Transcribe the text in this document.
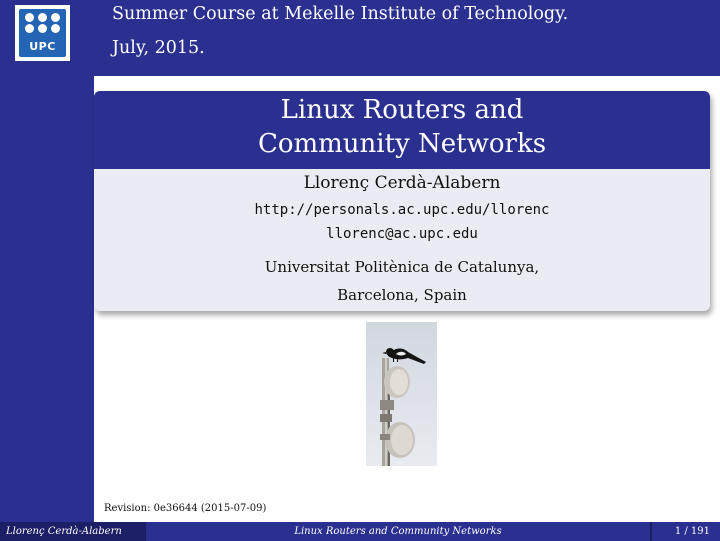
UPC
Summer Course at Mekelle Institute of Technology.
July, 2015.
Linux Routers and
Community Networks
Llorenç Cerdà-Alabern
http://personals.ac.upc.edu/llorenc
llorenc@ac.upc.edu
Universitat Politènica de Catalunya,
Barcelona, Spain
Revision: 0e36644 (2015-07-09)
Llorenç Cerdà-Alabern	Linux Routers and Community Networks	1 / 191
